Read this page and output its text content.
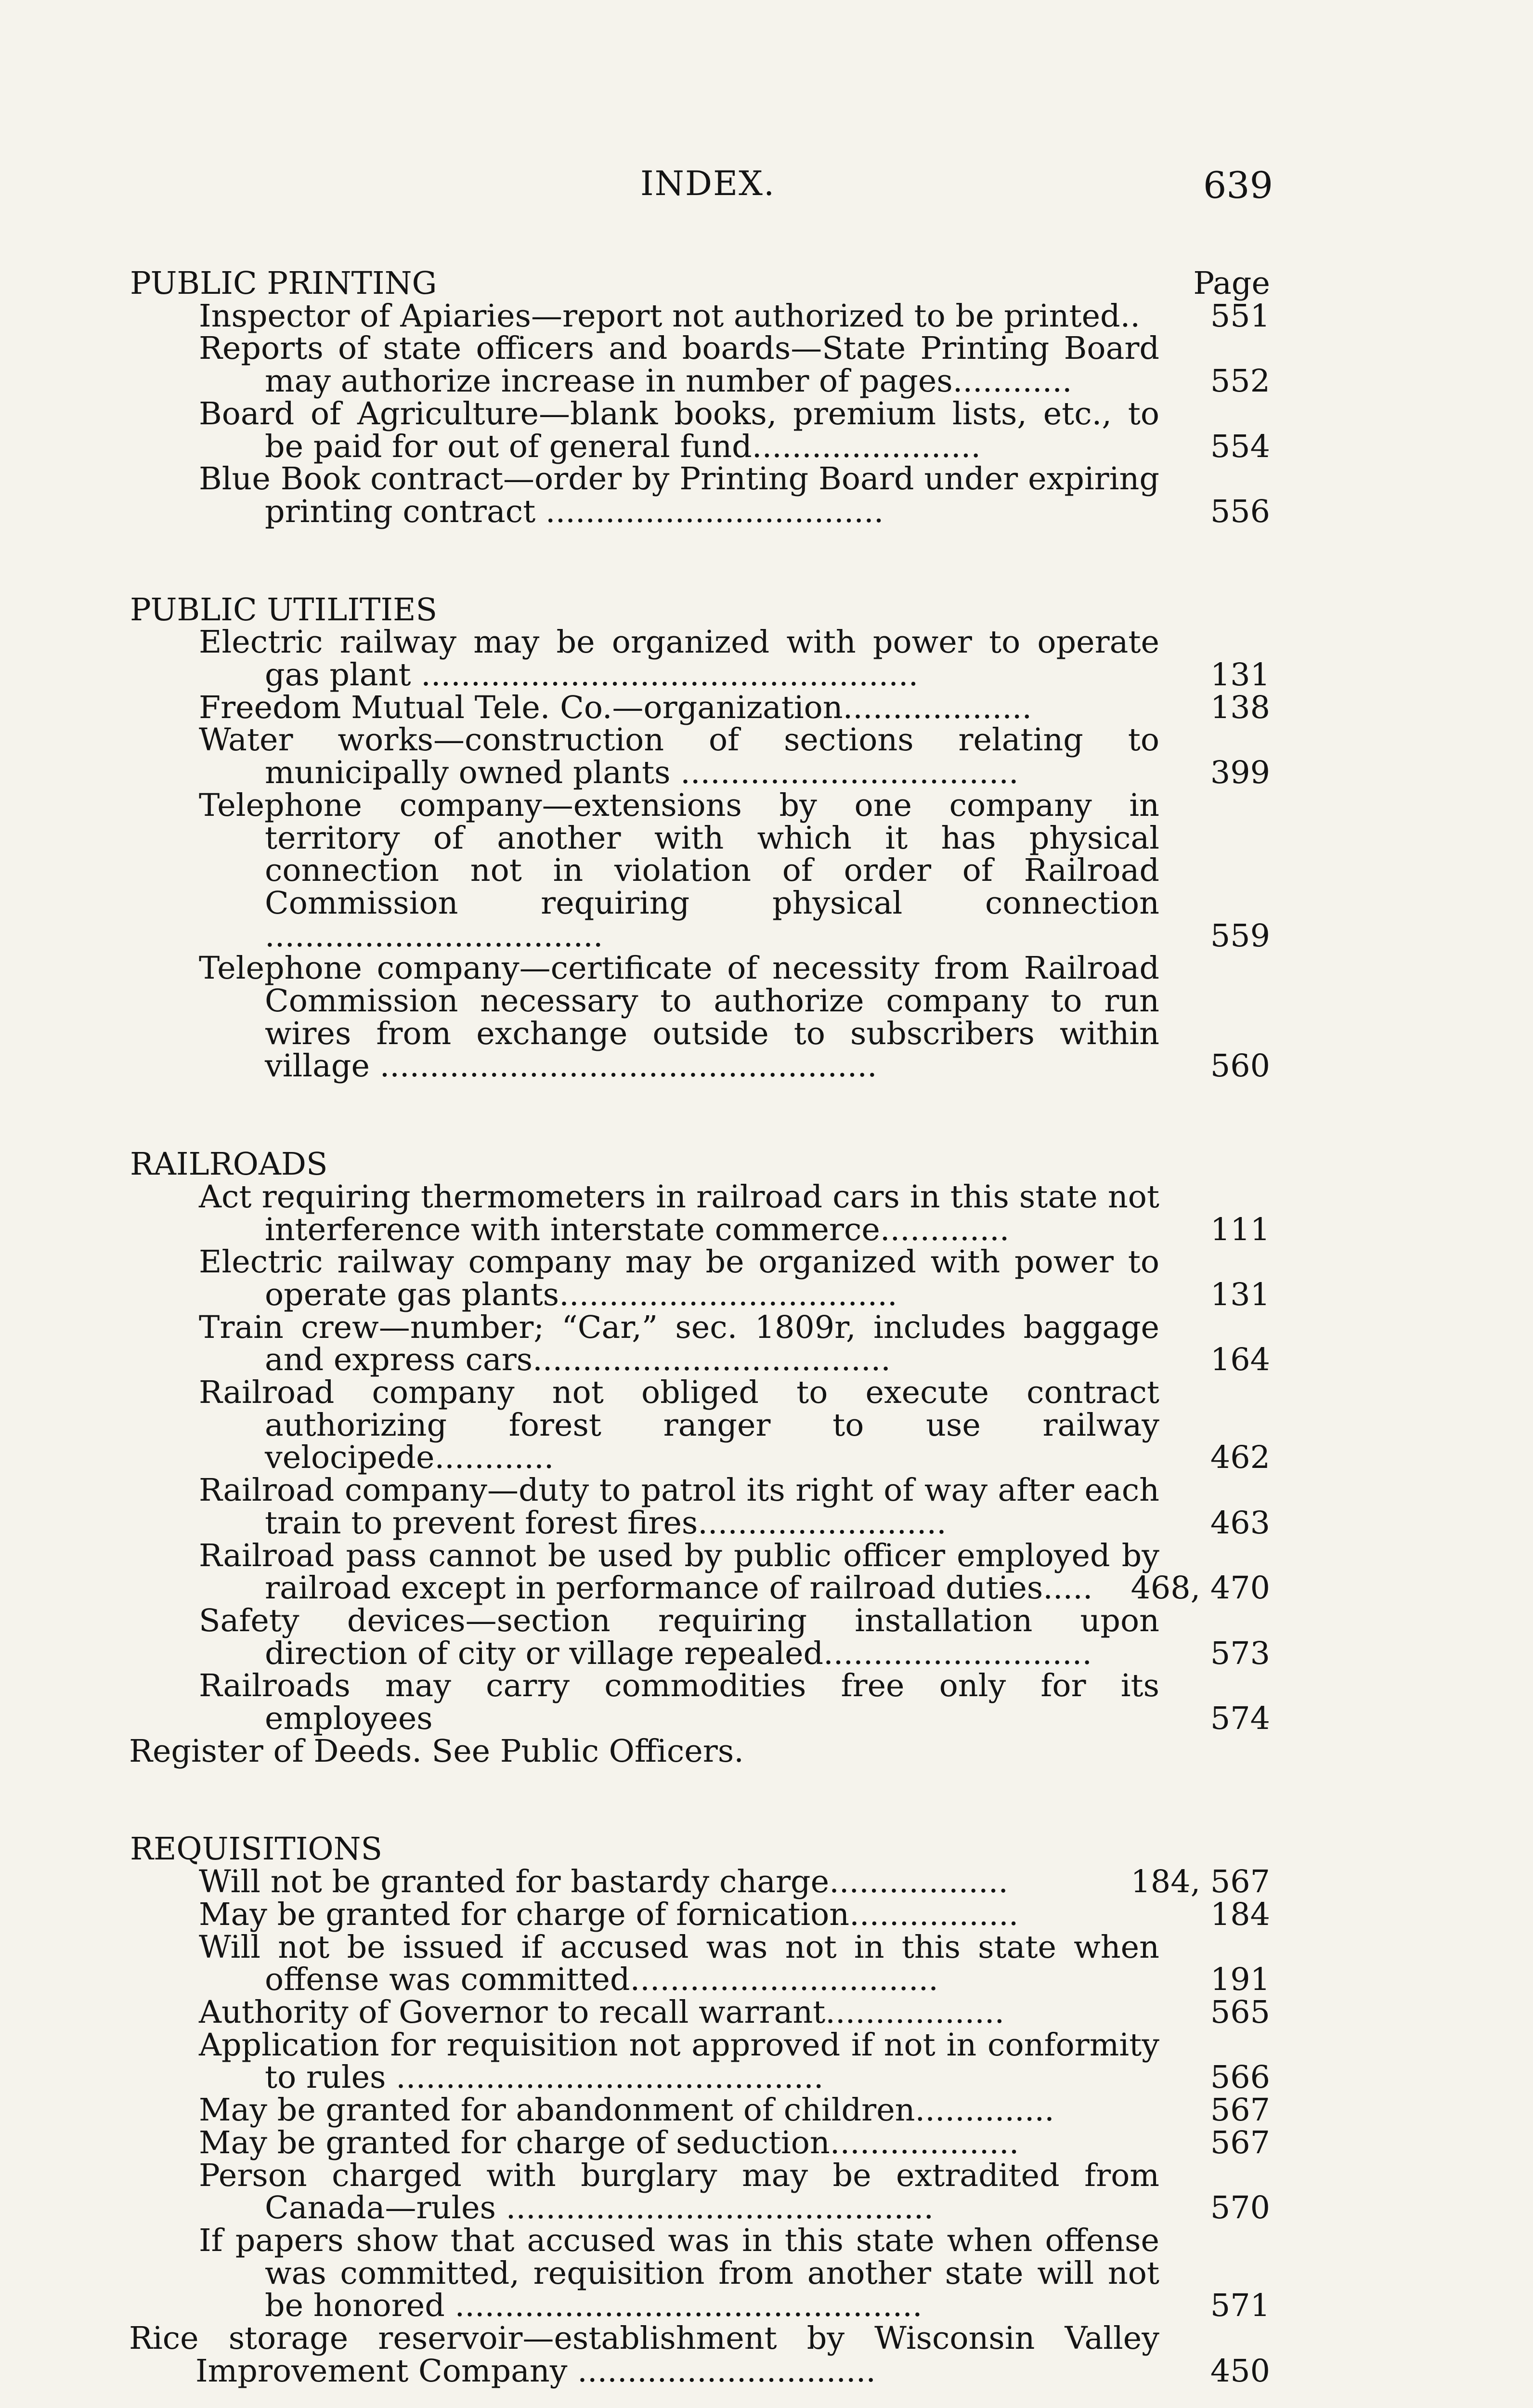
INDEX.	639
PUBLIC PRINTING	Page
Inspector of Apiaries—report not authorized to be printed.. 551
Reports of state officers and boards—State Printing Board may authorize increase in number of pages............	552
Board of Agriculture—blank books, premium lists, etc., to be paid for out of general fund.......................	554
Blue Book contract—order by Printing Board under expiring printing contract ..................................	556
PUBLIC UTILITIES
Electric railway may be organized with power to operate gas plant ..................................................	131
Freedom Mutual Tele. Co.—organization...................	138
Water works—construction of sections relating to municipally owned plants ..................................	399
Telephone company—extensions by one company in territory of another with which it has physical connection not in violation of order of Railroad Commission requiring physical connection ..................................	559
Telephone company—certificate of necessity from Railroad Commission necessary to authorize company to run wires from exchange outside to subscribers within village ..................................................	560
RAILROADS
Act requiring thermometers in railroad cars in this state not interference with interstate commerce.............	111
Electric railway company may be organized with power to operate gas plants..................................	131
Train crew—number; “Car,” sec. 1809r, includes baggage and express cars....................................	164
Railroad company not obliged to execute contract authorizing forest ranger to use railway velocipede............	462
Railroad company—duty to patrol its right of way after each train to prevent forest fires.........................	463
Railroad pass cannot be used by public officer employed by railroad except in performance of railroad duties..... 468, 470
Safety devices—section requiring installation upon direction of city or village repealed...........................	573
Railroads may carry commodities free only for its employees	574
Register of Deeds. See Public Officers.
REQUISITIONS
Will not be granted for bastardy charge..................	184, 567
May be granted for charge of fornication.................	184
Will not be issued if accused was not in this state when offense was committed...............................	191
Authority of Governor to recall warrant..................	565
Application for requisition not approved if not in conformity to rules ...........................................	566
May be granted for abandonment of children..............	567
May be granted for charge of seduction...................	567
Person charged with burglary may be extradited from Canada—rules ...........................................	570
If papers show that accused was in this state when offense was committed, requisition from another state will not be honored ...............................................	571
Rice storage reservoir—establishment by Wisconsin Valley Improvement Company ..............................	450
